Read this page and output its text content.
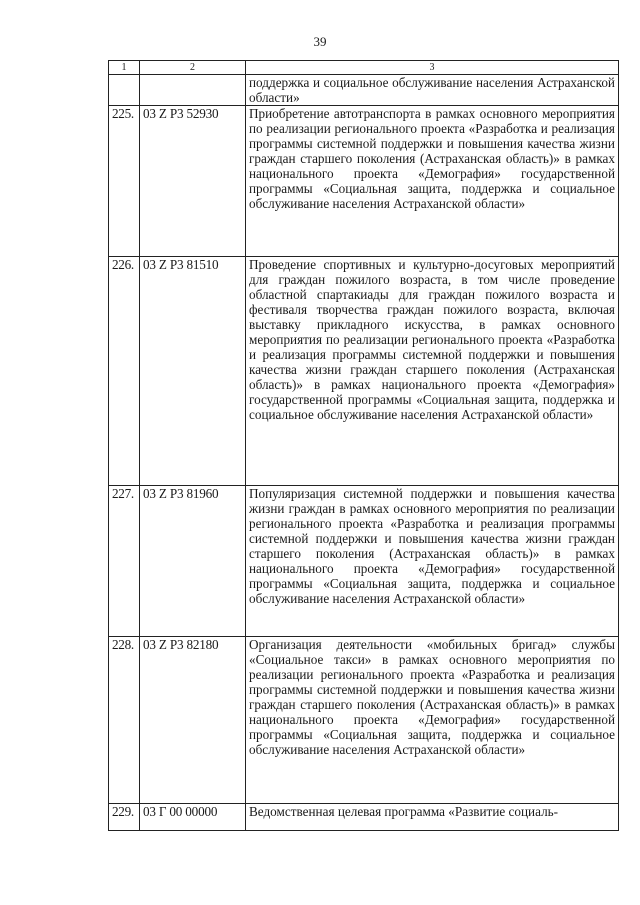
39
1	2	3
		поддержка и социальное обслуживание населения Астраханской области»
225.	03 Z P3 52930	Приобретение автотранспорта в рамках основного мероприятия по реализации регионального проекта «Разработка и реализация программы системной поддержки и повышения качества жизни граждан старшего поколения (Астраханская область)» в рамках национального проекта «Демография» государственной программы «Социальная защита, поддержка и социальное обслуживание населения Астраханской области»
226.	03 Z P3 81510	Проведение спортивных и культурно-досуговых мероприятий для граждан пожилого возраста, в том числе проведение областной спартакиады для граждан пожилого возраста и фестиваля творчества граждан пожилого возраста, включая выставку прикладного искусства, в рамках основного мероприятия по реализации регионального проекта «Разработка и реализация программы системной поддержки и повышения качества жизни граждан старшего поколения (Астраханская область)» в рамках национального проекта «Демография» государственной программы «Социальная защита, поддержка и социальное обслуживание населения Астраханской области»
227.	03 Z P3 81960	Популяризация системной поддержки и повышения качества жизни граждан в рамках основного мероприятия по реализации регионального проекта «Разработка и реализация программы системной поддержки и повышения качества жизни граждан старшего поколения (Астраханская область)» в рамках национального проекта «Демография» государственной программы «Социальная защита, поддержка и социальное обслуживание населения Астраханской области»
228.	03 Z P3 82180	Организация деятельности «мобильных бригад» службы «Социальное такси» в рамках основного мероприятия по реализации регионального проекта «Разработка и реализация программы системной поддержки и повышения качества жизни граждан старшего поколения (Астраханская область)» в рамках национального проекта «Демография» государственной программы «Социальная защита, поддержка и социальное обслуживание населения Астраханской области»
229.	03 Г 00 00000	Ведомственная целевая программа «Развитие социаль-
